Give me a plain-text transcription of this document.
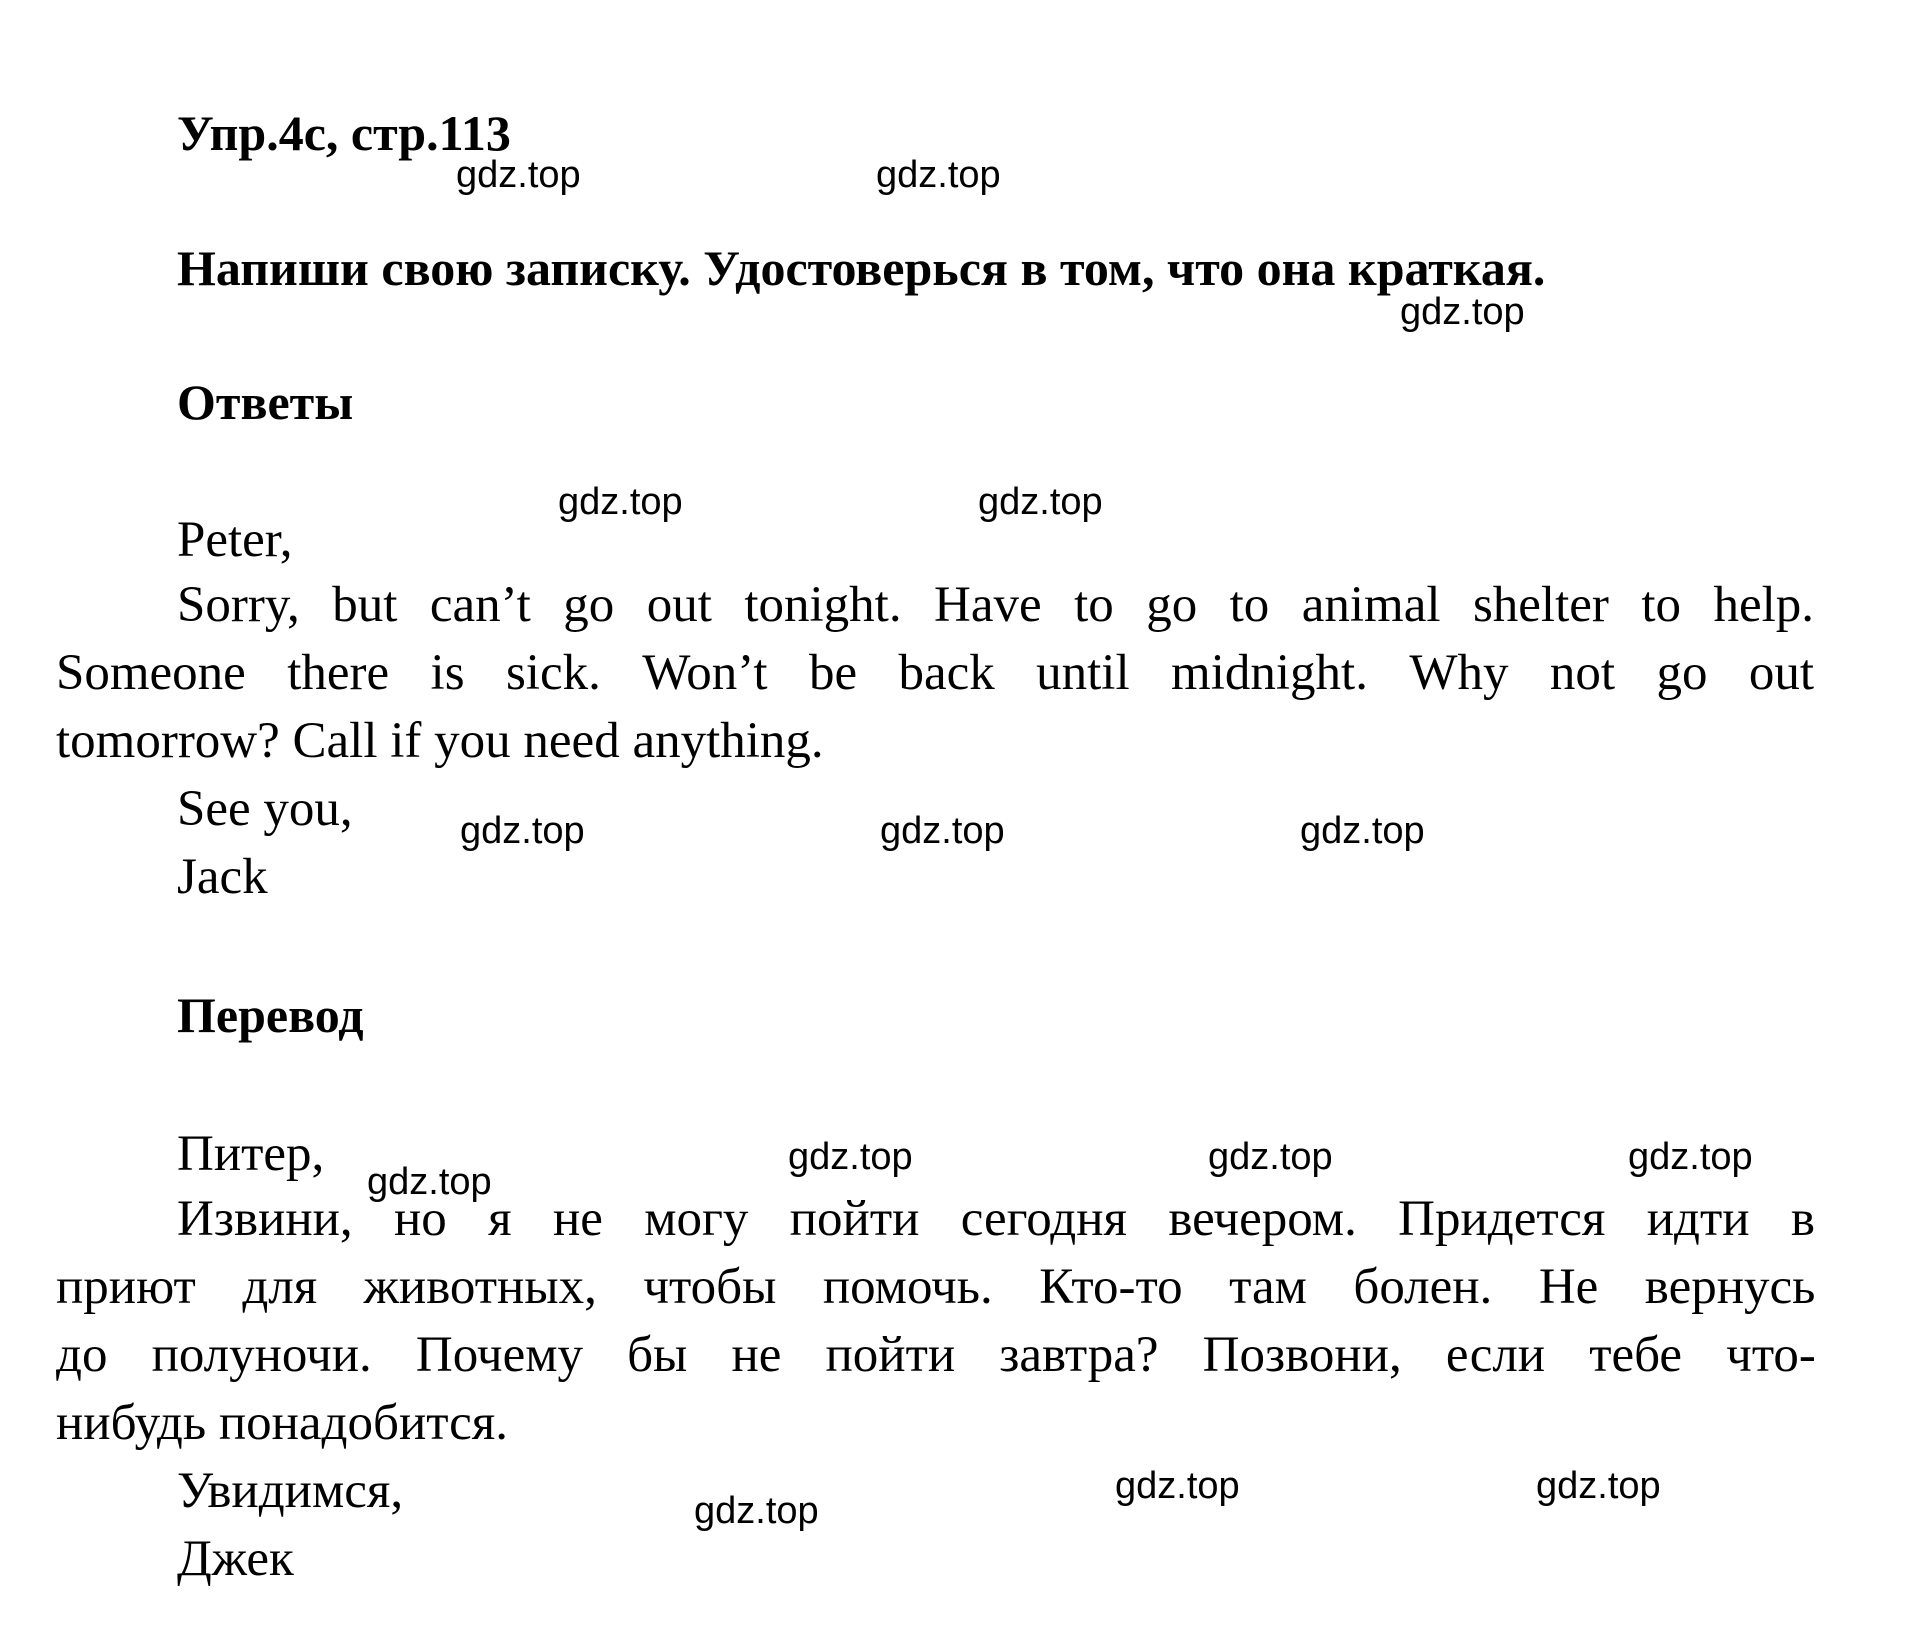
Упр.4c, стр.113
Напиши свою записку. Удостоверься в том, что она краткая.
Ответы
Peter,
Sorry, but can’t go out tonight. Have to go to animal shelter to help.
Someone there is sick. Won’t be back until midnight. Why not go out
tomorrow? Call if you need anything.
See you,
Jack
Перевод
Питер,
Извини, но я не могу пойти сегодня вечером. Придется идти в
приют для животных, чтобы помочь. Кто-то там болен. Не вернусь
до полуночи. Почему бы не пойти завтра? Позвони, если тебе что-
нибудь понадобится.
Увидимся,
Джек
gdz.top	gdz.top
gdz.top
gdz.top	gdz.top
gdz.top	gdz.top	gdz.top
gdz.top
gdz.top	gdz.top	gdz.top
gdz.top
gdz.top	gdz.top
